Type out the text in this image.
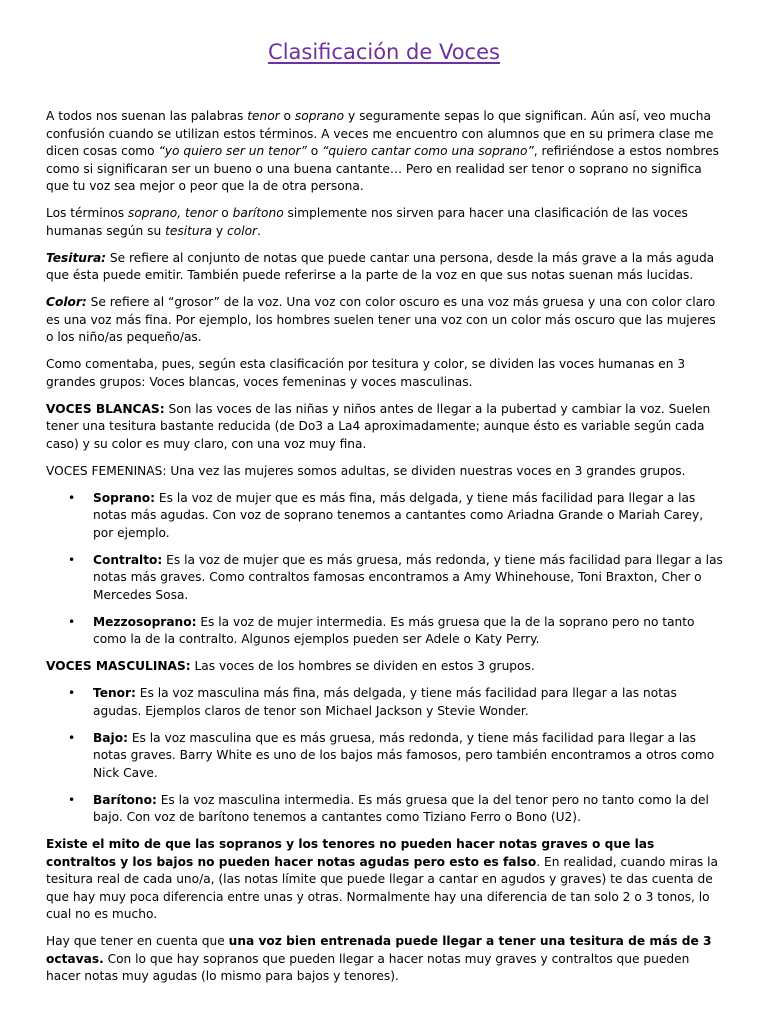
Clasificación de Voces

A todos nos suenan las palabras tenor o soprano y seguramente sepas lo que significan. Aún así, veo mucha confusión cuando se utilizan estos términos. A veces me encuentro con alumnos que en su primera clase me dicen cosas como “yo quiero ser un tenor” o “quiero cantar como una soprano”, refiriéndose a estos nombres como si significaran ser un bueno o una buena cantante… Pero en realidad ser tenor o soprano no significa que tu voz sea mejor o peor que la de otra persona.

Los términos soprano, tenor o barítono simplemente nos sirven para hacer una clasificación de las voces humanas según su tesitura y color.

Tesitura: Se refiere al conjunto de notas que puede cantar una persona, desde la más grave a la más aguda que ésta puede emitir. También puede referirse a la parte de la voz en que sus notas suenan más lucidas.

Color: Se refiere al “grosor” de la voz. Una voz con color oscuro es una voz más gruesa y una con color claro es una voz más fina. Por ejemplo, los hombres suelen tener una voz con un color más oscuro que las mujeres o los niño/as pequeño/as.

Como comentaba, pues, según esta clasificación por tesitura y color, se dividen las voces humanas en 3 grandes grupos: Voces blancas, voces femeninas y voces masculinas.

VOCES BLANCAS: Son las voces de las niñas y niños antes de llegar a la pubertad y cambiar la voz. Suelen tener una tesitura bastante reducida (de Do3 a La4 aproximadamente; aunque ésto es variable según cada caso) y su color es muy claro, con una voz muy fina.

VOCES FEMENINAS: Una vez las mujeres somos adultas, se dividen nuestras voces en 3 grandes grupos.

• Soprano: Es la voz de mujer que es más fina, más delgada, y tiene más facilidad para llegar a las notas más agudas. Con voz de soprano tenemos a cantantes como Ariadna Grande o Mariah Carey, por ejemplo.
• Contralto: Es la voz de mujer que es más gruesa, más redonda, y tiene más facilidad para llegar a las notas más graves. Como contraltos famosas encontramos a Amy Whinehouse, Toni Braxton, Cher o Mercedes Sosa.
• Mezzosoprano: Es la voz de mujer intermedia. Es más gruesa que la de la soprano pero no tanto como la de la contralto. Algunos ejemplos pueden ser Adele o Katy Perry.

VOCES MASCULINAS: Las voces de los hombres se dividen en estos 3 grupos.

• Tenor: Es la voz masculina más fina, más delgada, y tiene más facilidad para llegar a las notas agudas. Ejemplos claros de tenor son Michael Jackson y Stevie Wonder.
• Bajo: Es la voz masculina que es más gruesa, más redonda, y tiene más facilidad para llegar a las notas graves. Barry White es uno de los bajos más famosos, pero también encontramos a otros como Nick Cave.
• Barítono: Es la voz masculina intermedia. Es más gruesa que la del tenor pero no tanto como la del bajo. Con voz de barítono tenemos a cantantes como Tiziano Ferro o Bono (U2).

Existe el mito de que las sopranos y los tenores no pueden hacer notas graves o que las contraltos y los bajos no pueden hacer notas agudas pero esto es falso. En realidad, cuando miras la tesitura real de cada uno/a, (las notas límite que puede llegar a cantar en agudos y graves) te das cuenta de que hay muy poca diferencia entre unas y otras. Normalmente hay una diferencia de tan solo 2 o 3 tonos, lo cual no es mucho.

Hay que tener en cuenta que una voz bien entrenada puede llegar a tener una tesitura de más de 3 octavas. Con lo que hay sopranos que pueden llegar a hacer notas muy graves y contraltos que pueden hacer notas muy agudas (lo mismo para bajos y tenores).
